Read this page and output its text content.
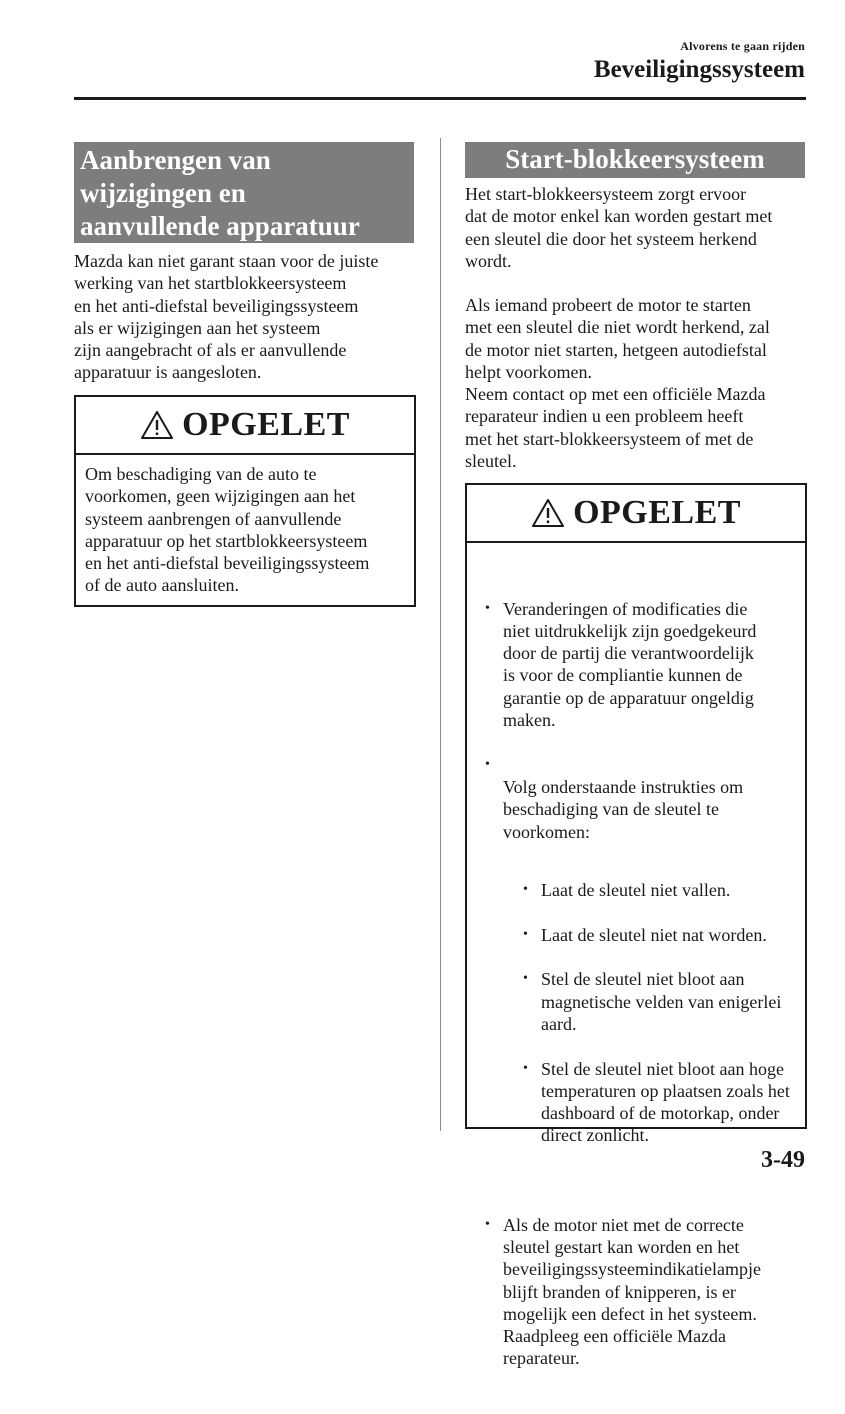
Alvorens te gaan rijden
Beveiligingssysteem
Aanbrengen van
wijzigingen en
aanvullende apparatuur

Mazda kan niet garant staan voor de juiste
werking van het startblokkeersysteem
en het anti-diefstal beveiligingssysteem
als er wijzigingen aan het systeem
zijn aangebracht of als er aanvullende
apparatuur is aangesloten.

OPGELET
Om beschadiging van de auto te
voorkomen, geen wijzigingen aan het
systeem aanbrengen of aanvullende
apparatuur op het startblokkeersysteem
en het anti-diefstal beveiligingssysteem
of de auto aansluiten.
Start-blokkeersysteem

Het start-blokkeersysteem zorgt ervoor
dat de motor enkel kan worden gestart met
een sleutel die door het systeem herkend
wordt.

Als iemand probeert de motor te starten
met een sleutel die niet wordt herkend, zal
de motor niet starten, hetgeen autodiefstal
helpt voorkomen.
Neem contact op met een officiële Mazda
reparateur indien u een probleem heeft
met het start-blokkeersysteem of met de
sleutel.

OPGELET

• Veranderingen of modificaties die
niet uitdrukkelijk zijn goedgekeurd
door de partij die verantwoordelijk
is voor de compliantie kunnen de
garantie op de apparatuur ongeldig
maken.

•

Volg onderstaande instrukties om
beschadiging van de sleutel te
voorkomen:

• Laat de sleutel niet vallen.

• Laat de sleutel niet nat worden.

• Stel de sleutel niet bloot aan
magnetische velden van enigerlei
aard.

• Stel de sleutel niet bloot aan hoge
temperaturen op plaatsen zoals het
dashboard of de motorkap, onder
direct zonlicht.

• Als de motor niet met de correcte
sleutel gestart kan worden en het
beveiligingssysteemindikatielampje
blijft branden of knipperen, is er
mogelijk een defect in het systeem.
Raadpleeg een officiële Mazda
reparateur.

3-49
